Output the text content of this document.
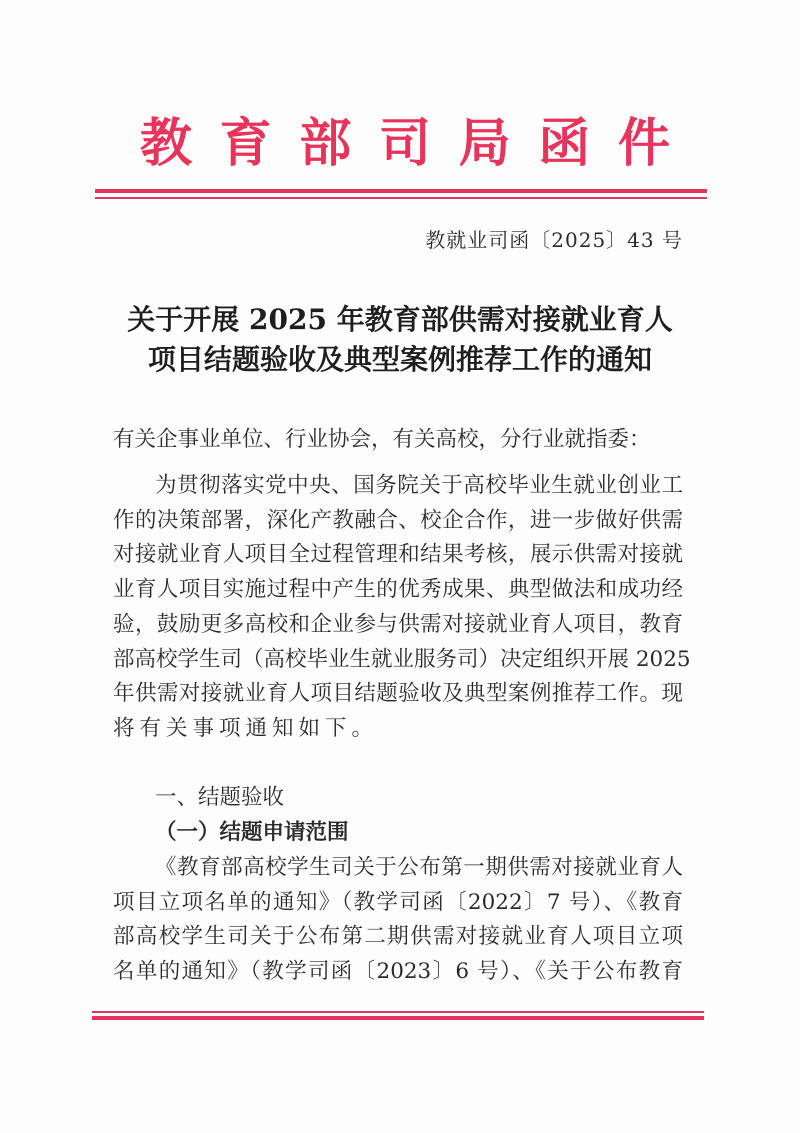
教 育 部 司 局 函 件
教就业司函〔2025〕43 号
关于开展 2025 年教育部供需对接就业育人
项目结题验收及典型案例推荐工作的通知
有关企事业单位、行业协会，有关高校，分行业就指委：
为贯彻落实党中央、国务院关于高校毕业生就业创业工
作的决策部署，深化产教融合、校企合作，进一步做好供需
对接就业育人项目全过程管理和结果考核，展示供需对接就
业育人项目实施过程中产生的优秀成果、典型做法和成功经
验，鼓励更多高校和企业参与供需对接就业育人项目，教育
部高校学生司（高校毕业生就业服务司）决定组织开展 2025
年供需对接就业育人项目结题验收及典型案例推荐工作。现
将有关事项通知如下。
一、结题验收
（一）结题申请范围
《教育部高校学生司关于公布第一期供需对接就业育人
项目立项名单的通知》（教学司函〔2022〕7 号）、《教育
部高校学生司关于公布第二期供需对接就业育人项目立项
名单的通知》（教学司函〔2023〕6 号）、《关于公布教育
